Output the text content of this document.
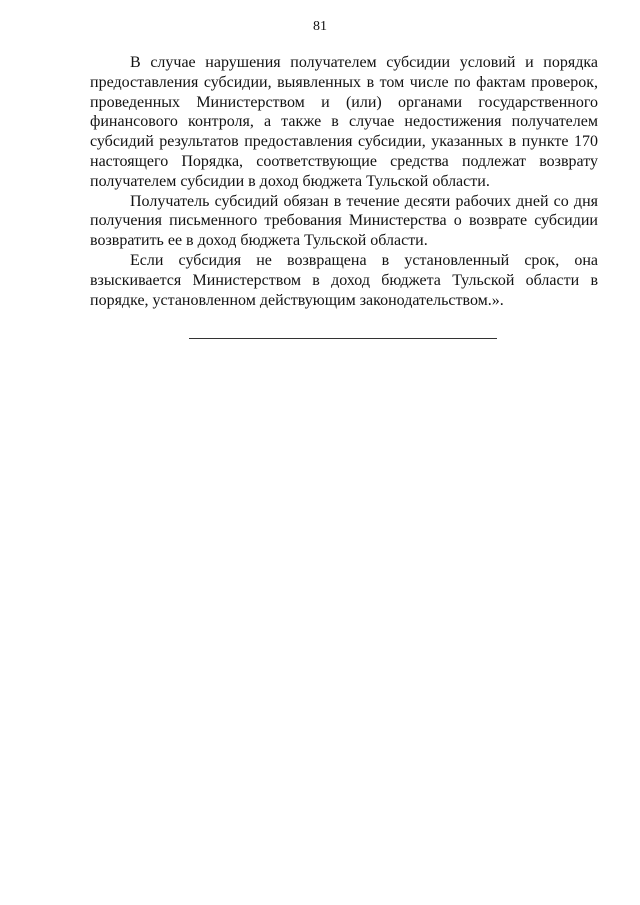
81

В случае нарушения получателем субсидии условий и порядка предоставления субсидии, выявленных в том числе по фактам проверок, проведенных Министерством и (или) органами государственного финансового контроля, а также в случае недостижения получателем субсидий результатов предоставления субсидии, указанных в пункте 170 настоящего Порядка, соответствующие средства подлежат возврату получателем субсидии в доход бюджета Тульской области.

Получатель субсидий обязан в течение десяти рабочих дней со дня получения письменного требования Министерства о возврате субсидии возвратить ее в доход бюджета Тульской области.

Если субсидия не возвращена в установленный срок, она взыскивается Министерством в доход бюджета Тульской области в порядке, установленном действующим законодательством.».
